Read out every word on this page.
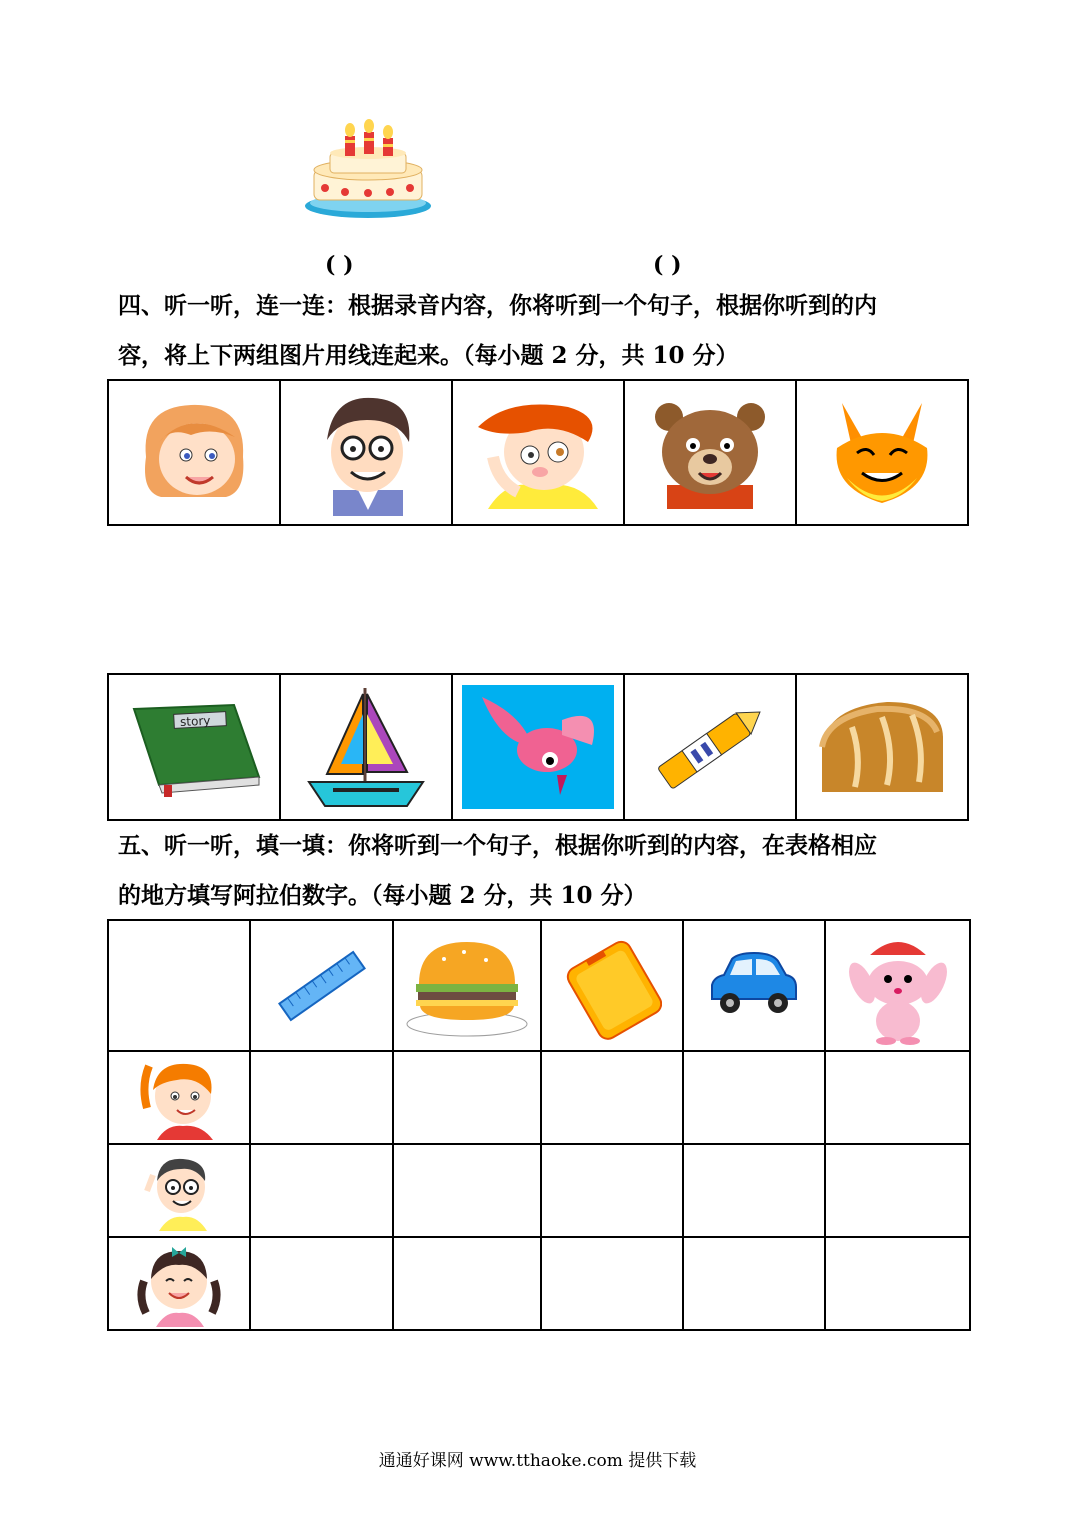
( )	( )
四、听一听，连一连：根据录音内容，你将听到一个句子，根据你听到的内
容，将上下两组图片用线连起来。（每小题 2 分，共 10 分）

story

五、听一听，填一填：你将听到一个句子，根据你听到的内容，在表格相应
的地方填写阿拉伯数字。（每小题 2 分，共 10 分）

通通好课网 www.tthaoke.com 提供下载
